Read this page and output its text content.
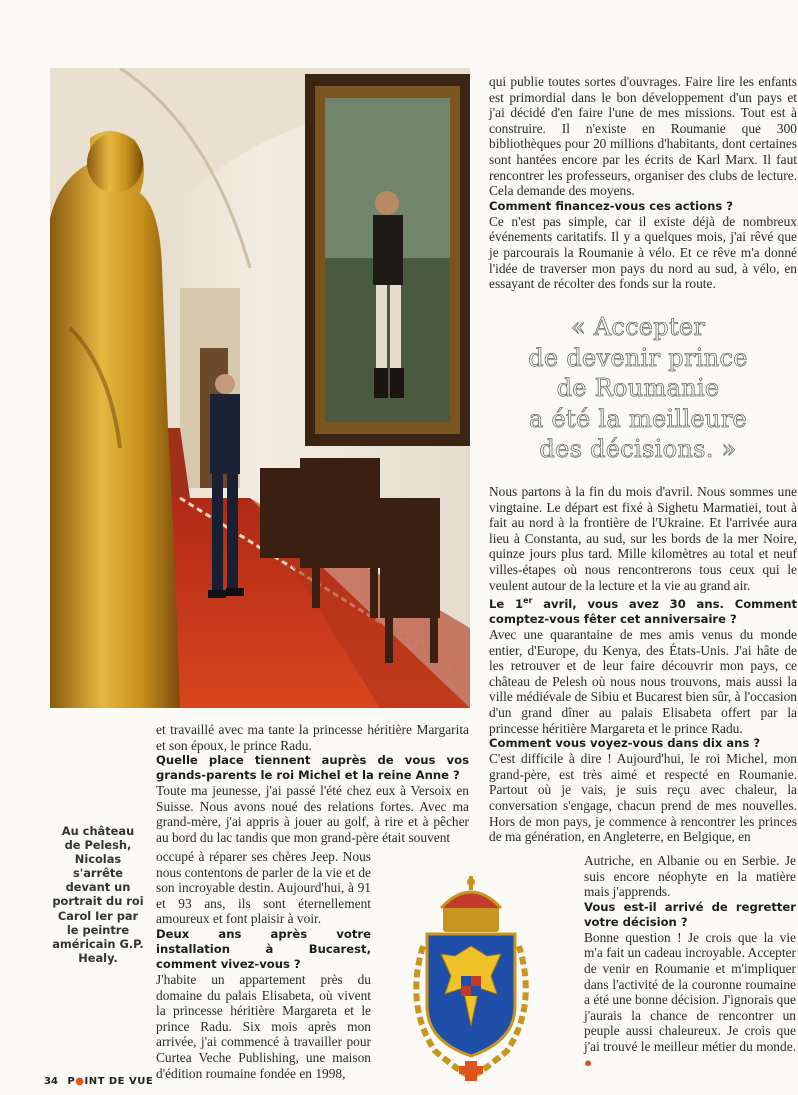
qui publie toutes sortes d'ouvrages. Faire lire les enfants est primordial dans le bon développement d'un pays et j'ai décidé d'en faire l'une de mes missions. Tout est à construire. Il n'existe en Roumanie que 300 bibliothèques pour 20 millions d'habitants, dont certaines sont hantées encore par les écrits de Karl Marx. Il faut rencontrer les professeurs, organiser des clubs de lecture. Cela demande des moyens.

Comment financez-vous ces actions ?

Ce n'est pas simple, car il existe déjà de nombreux événements caritatifs. Il y a quelques mois, j'ai rêvé que je parcourais la Roumanie à vélo. Et ce rêve m'a donné l'idée de traverser mon pays du nord au sud, à vélo, en essayant de récolter des fonds sur la route.

« Accepter
de devenir prince
de Roumanie
a été la meilleure
des décisions. »

Nous partons à la fin du mois d'avril. Nous sommes une vingtaine. Le départ est fixé à Sighetu Marmatiei, tout à fait au nord à la frontière de l'Ukraine. Et l'arrivée aura lieu à Constanta, au sud, sur les bords de la mer Noire, quinze jours plus tard. Mille kilomètres au total et neuf villes-étapes où nous rencontrerons tous ceux qui le veulent autour de la lecture et la vie au grand air.

Le 1er avril, vous avez 30 ans. Comment comptez-vous fêter cet anniversaire ?

Avec une quarantaine de mes amis venus du monde entier, d'Europe, du Kenya, des États-Unis. J'ai hâte de les retrouver et de leur faire découvrir mon pays, ce château de Pelesh où nous nous trouvons, mais aussi la ville médiévale de Sibiu et Bucarest bien sûr, à l'occasion d'un grand dîner au palais Elisabeta offert par la princesse héritière Margareta et le prince Radu.

Comment vous voyez-vous dans dix ans ?

C'est difficile à dire ! Aujourd'hui, le roi Michel, mon grand-père, est très aimé et respecté en Roumanie. Partout où je vais, je suis reçu avec chaleur, la conversation s'engage, chacun prend de mes nouvelles. Hors de mon pays, je commence à rencontrer les princes de ma génération, en Angleterre, en Belgique, en

Autriche, en Albanie ou en Serbie. Je suis encore néophyte en la matière mais j'apprends.

Vous est-il arrivé de regretter votre décision ?

Bonne question ! Je crois que la vie m'a fait un cadeau incroyable. Accepter de venir en Roumanie et m'impliquer dans l'activité de la couronne roumaine a été une bonne décision. J'ignorais que j'aurais la chance de rencontrer un peuple aussi chaleureux. Je crois que j'ai trouvé le meilleur métier du monde. ●

et travaillé avec ma tante la princesse héritière Margarita et son époux, le prince Radu.

Quelle place tiennent auprès de vous vos grands-parents le roi Michel et la reine Anne ?

Toute ma jeunesse, j'ai passé l'été chez eux à Versoix en Suisse. Nous avons noué des relations fortes. Avec ma grand-mère, j'ai appris à jouer au golf, à rire et à pêcher au bord du lac tandis que mon grand-père était souvent

occupé à réparer ses chères Jeep. Nous nous contentons de parler de la vie et de son incroyable destin. Aujourd'hui, à 91 et 93 ans, ils sont éternellement amoureux et font plaisir à voir.

Deux ans après votre installation à Bucarest, comment vivez-vous ?

J'habite un appartement près du domaine du palais Elisabeta, où vivent la princesse héritière Margareta et le prince Radu. Six mois après mon arrivée, j'ai commencé à travailler pour Curtea Veche Publishing, une maison d'édition roumaine fondée en 1998,

Au château de Pelesh, Nicolas s'arrête devant un portrait du roi Carol Ier par le peintre américain G.P. Healy.
34 P●INT DE VUE
